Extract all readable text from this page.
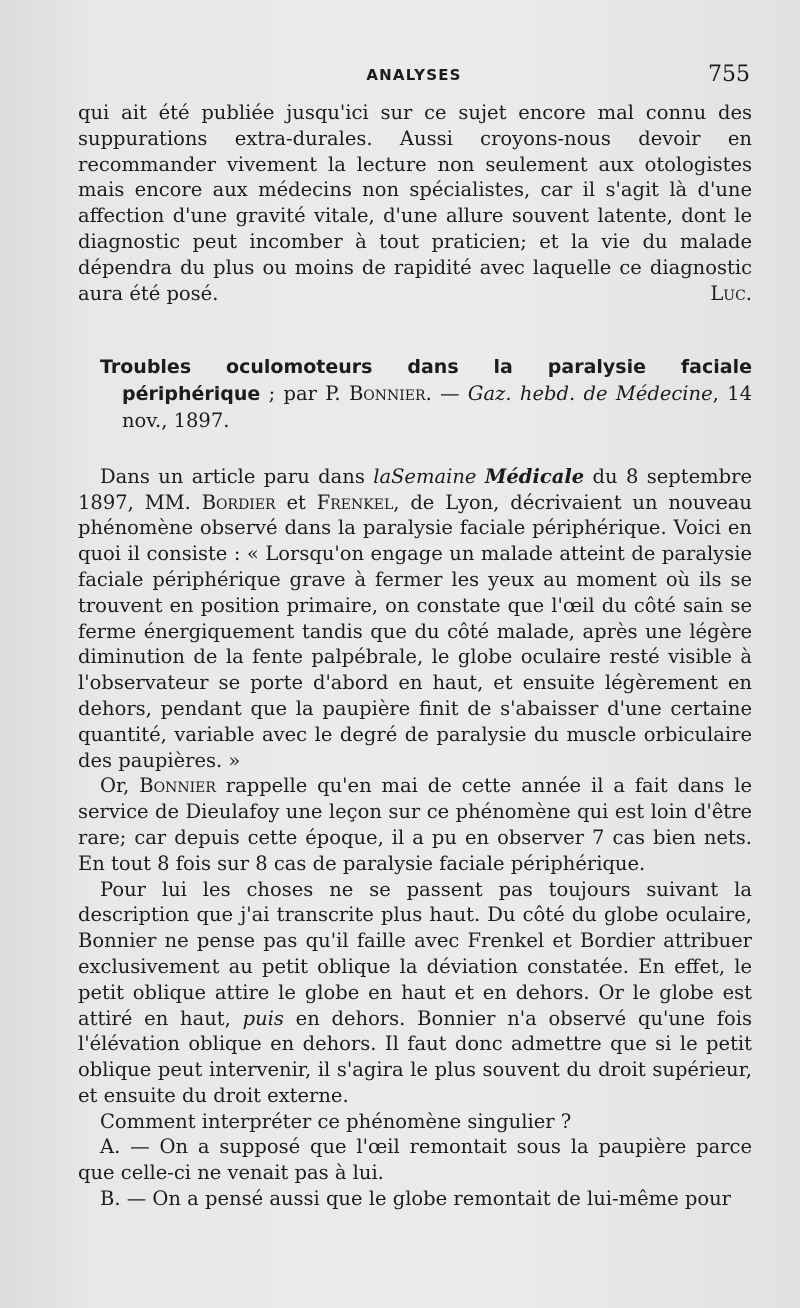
ANALYSES	755

qui ait été publiée jusqu'ici sur ce sujet encore mal connu des suppurations extra-durales. Aussi croyons-nous devoir en recommander vivement la lecture non seulement aux otologistes mais encore aux médecins non spécialistes, car il s'agit là d'une affection d'une gravité vitale, d'une allure souvent latente, dont le diagnostic peut incomber à tout praticien; et la vie du malade dépendra du plus ou moins de rapidité avec laquelle ce diagnostic aura été posé.	Luc.

Troubles oculomoteurs dans la paralysie faciale périphérique ; par P. Bonnier. — Gaz. hebd. de Médecine, 14 nov., 1897.

Dans un article paru dans laSemaine Médicale du 8 septembre 1897, MM. Bordier et Frenkel, de Lyon, décrivaient un nouveau phénomène observé dans la paralysie faciale périphérique. Voici en quoi il consiste : « Lorsqu'on engage un malade atteint de paralysie faciale périphérique grave à fermer les yeux au moment où ils se trouvent en position primaire, on constate que l'œil du côté sain se ferme énergiquement tandis que du côté malade, après une légère diminution de la fente palpébrale, le globe oculaire resté visible à l'observateur se porte d'abord en haut, et ensuite légèrement en dehors, pendant que la paupière finit de s'abaisser d'une certaine quantité, variable avec le degré de paralysie du muscle orbiculaire des paupières. »

Or, Bonnier rappelle qu'en mai de cette année il a fait dans le service de Dieulafoy une leçon sur ce phénomène qui est loin d'être rare; car depuis cette époque, il a pu en observer 7 cas bien nets. En tout 8 fois sur 8 cas de paralysie faciale périphérique.

Pour lui les choses ne se passent pas toujours suivant la description que j'ai transcrite plus haut. Du côté du globe oculaire, Bonnier ne pense pas qu'il faille avec Frenkel et Bordier attribuer exclusivement au petit oblique la déviation constatée. En effet, le petit oblique attire le globe en haut et en dehors. Or le globe est attiré en haut, puis en dehors. Bonnier n'a observé qu'une fois l'élévation oblique en dehors. Il faut donc admettre que si le petit oblique peut intervenir, il s'agira le plus souvent du droit supérieur, et ensuite du droit externe.

Comment interpréter ce phénomène singulier ?

A. — On a supposé que l'œil remontait sous la paupière parce que celle-ci ne venait pas à lui.

B. — On a pensé aussi que le globe remontait de lui-même pour
